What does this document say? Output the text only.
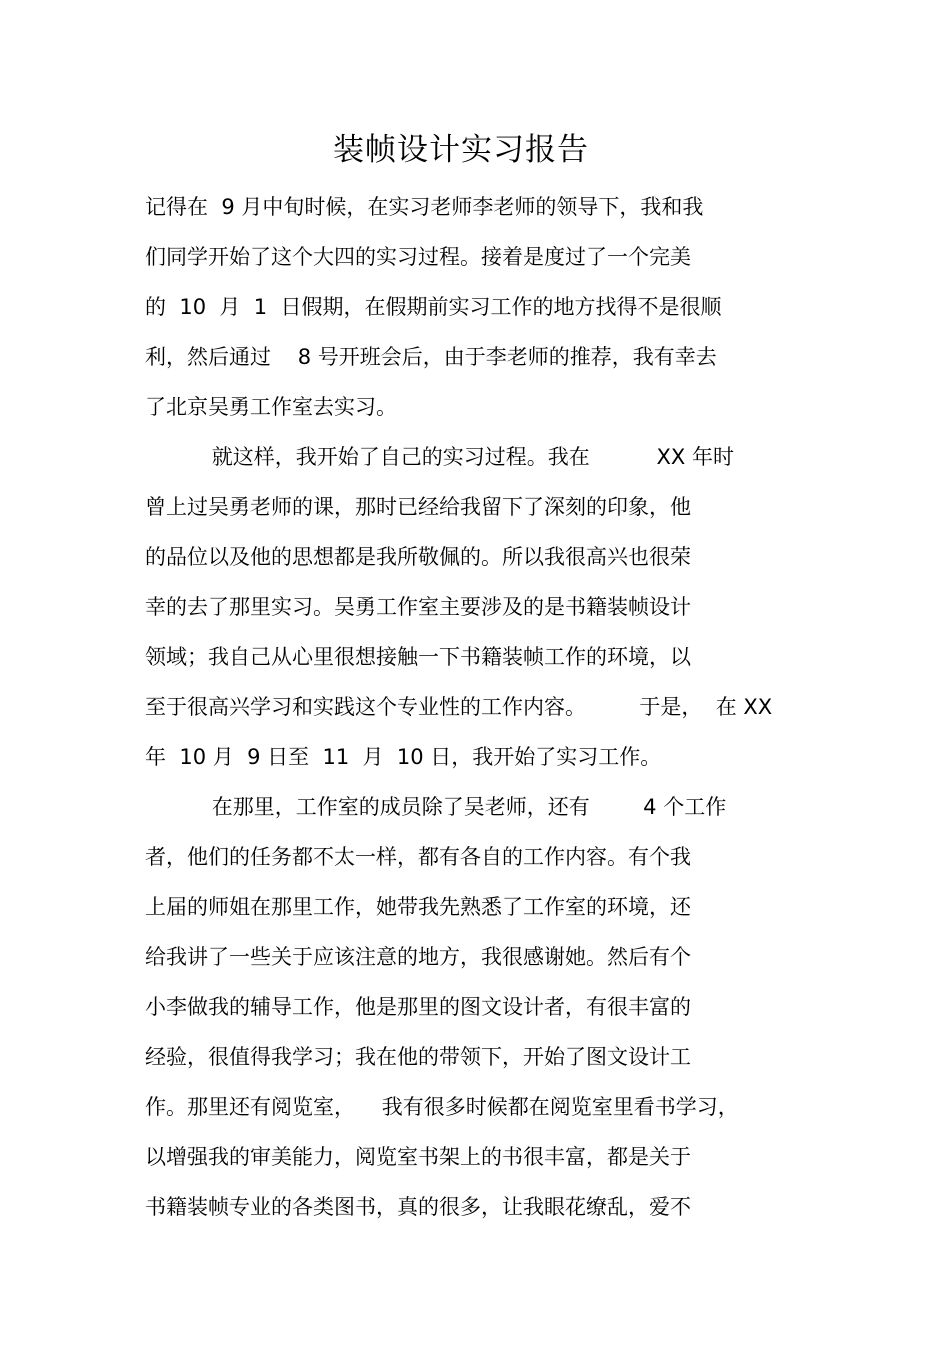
装帧设计实习报告
记得在  9 月中旬时候，在实习老师李老师的领导下，我和我
们同学开始了这个大四的实习过程。接着是度过了一个完美
的  10  月  1  日假期，在假期前实习工作的地方找得不是很顺
利，然后通过    8 号开班会后，由于李老师的推荐，我有幸去
了北京吴勇工作室去实习。
就这样，我开始了自己的实习过程。我在          XX 年时
曾上过吴勇老师的课，那时已经给我留下了深刻的印象，他
的品位以及他的思想都是我所敬佩的。所以我很高兴也很荣
幸的去了那里实习。吴勇工作室主要涉及的是书籍装帧设计
领域；我自己从心里很想接触一下书籍装帧工作的环境，以
至于很高兴学习和实践这个专业性的工作内容。        于是，  在 XX
年  10 月  9 日至  11  月  10 日，我开始了实习工作。
在那里，工作室的成员除了吴老师，还有        4 个工作
者，他们的任务都不太一样，都有各自的工作内容。有个我
上届的师姐在那里工作，她带我先熟悉了工作室的环境，还
给我讲了一些关于应该注意的地方，我很感谢她。然后有个
小李做我的辅导工作，他是那里的图文设计者，有很丰富的
经验，很值得我学习；我在他的带领下，开始了图文设计工
作。那里还有阅览室，    我有很多时候都在阅览室里看书学习，
以增强我的审美能力，阅览室书架上的书很丰富，都是关于
书籍装帧专业的各类图书，真的很多，让我眼花缭乱，爱不
